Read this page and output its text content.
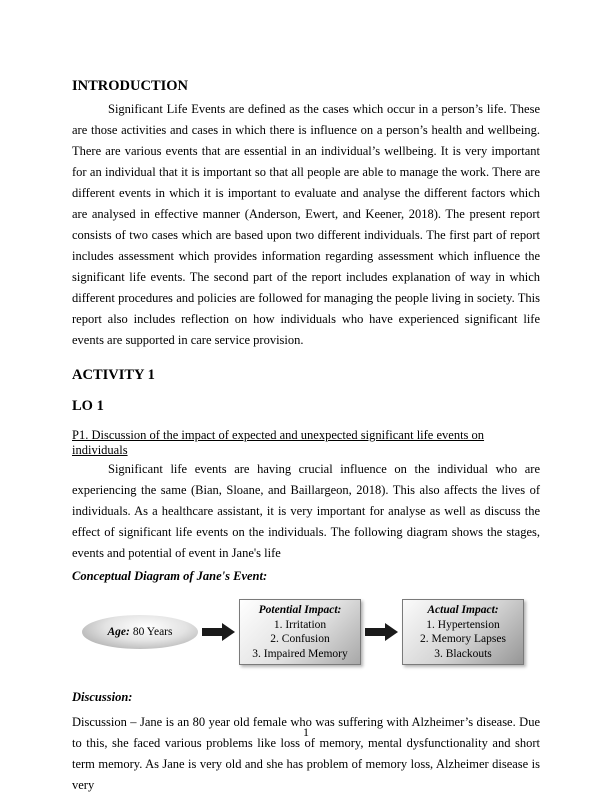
INTRODUCTION

Significant Life Events are defined as the cases which occur in a person’s life. These are those activities and cases in which there is influence on a person’s health and wellbeing. There are various events that are essential in an individual’s wellbeing. It is very important for an individual that it is important so that all people are able to manage the work. There are different events in which it is important to evaluate and analyse the different factors which are analysed in effective manner (Anderson, Ewert, and Keener, 2018). The present report consists of two cases which are based upon two different individuals. The first part of report includes assessment which provides information regarding assessment which influence the significant life events. The second part of the report includes explanation of way in which different procedures and policies are followed for managing the people living in society. This report also includes reflection on how individuals who have experienced significant life events are supported in care service provision.

ACTIVITY 1
LO 1
P1. Discussion of the impact of expected and unexpected significant life events on individuals

Significant life events are having crucial influence on the individual who are experiencing the same (Bian, Sloane, and Baillargeon, 2018). This also affects the lives of individuals. As a healthcare assistant, it is very important for analyse as well as discuss the effect of significant life events on the individuals. The following diagram shows the stages, events and potential of event in Jane's life

Conceptual Diagram of Jane's Event:
Age: 80 Years
Potential Impact:
1. Irritation
2. Confusion
3. Impaired Memory
Actual Impact:
1. Hypertension
2. Memory Lapses
3. Blackouts
Discussion:

Discussion – Jane is an 80 year old female who was suffering with Alzheimer’s disease. Due to this, she faced various problems like loss of memory, mental dysfunctionality and short term memory. As Jane is very old and she has problem of memory loss, Alzheimer disease is very

1
